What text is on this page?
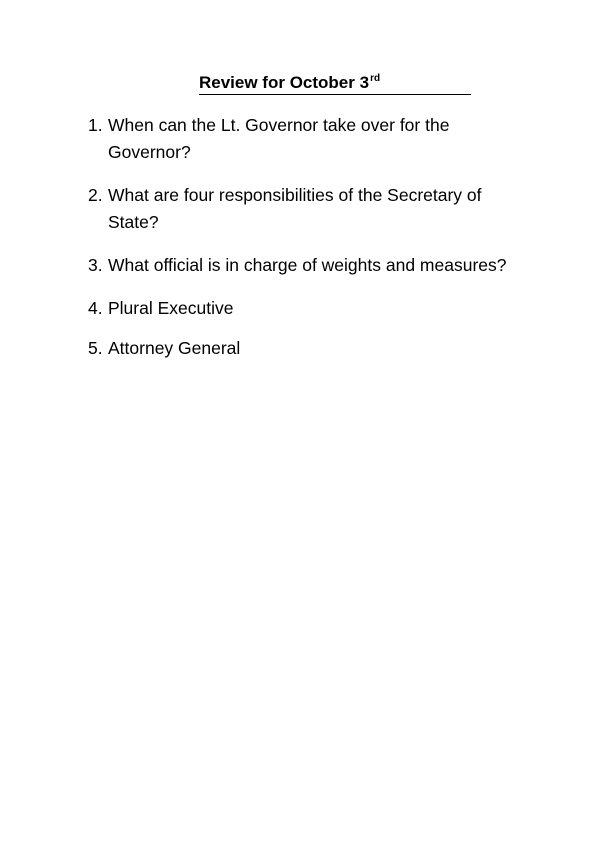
Review for October 3rd
1. When can the Lt. Governor take over for the Governor?
2. What are four responsibilities of the Secretary of State?
3. What official is in charge of weights and measures?
4. Plural Executive
5. Attorney General
